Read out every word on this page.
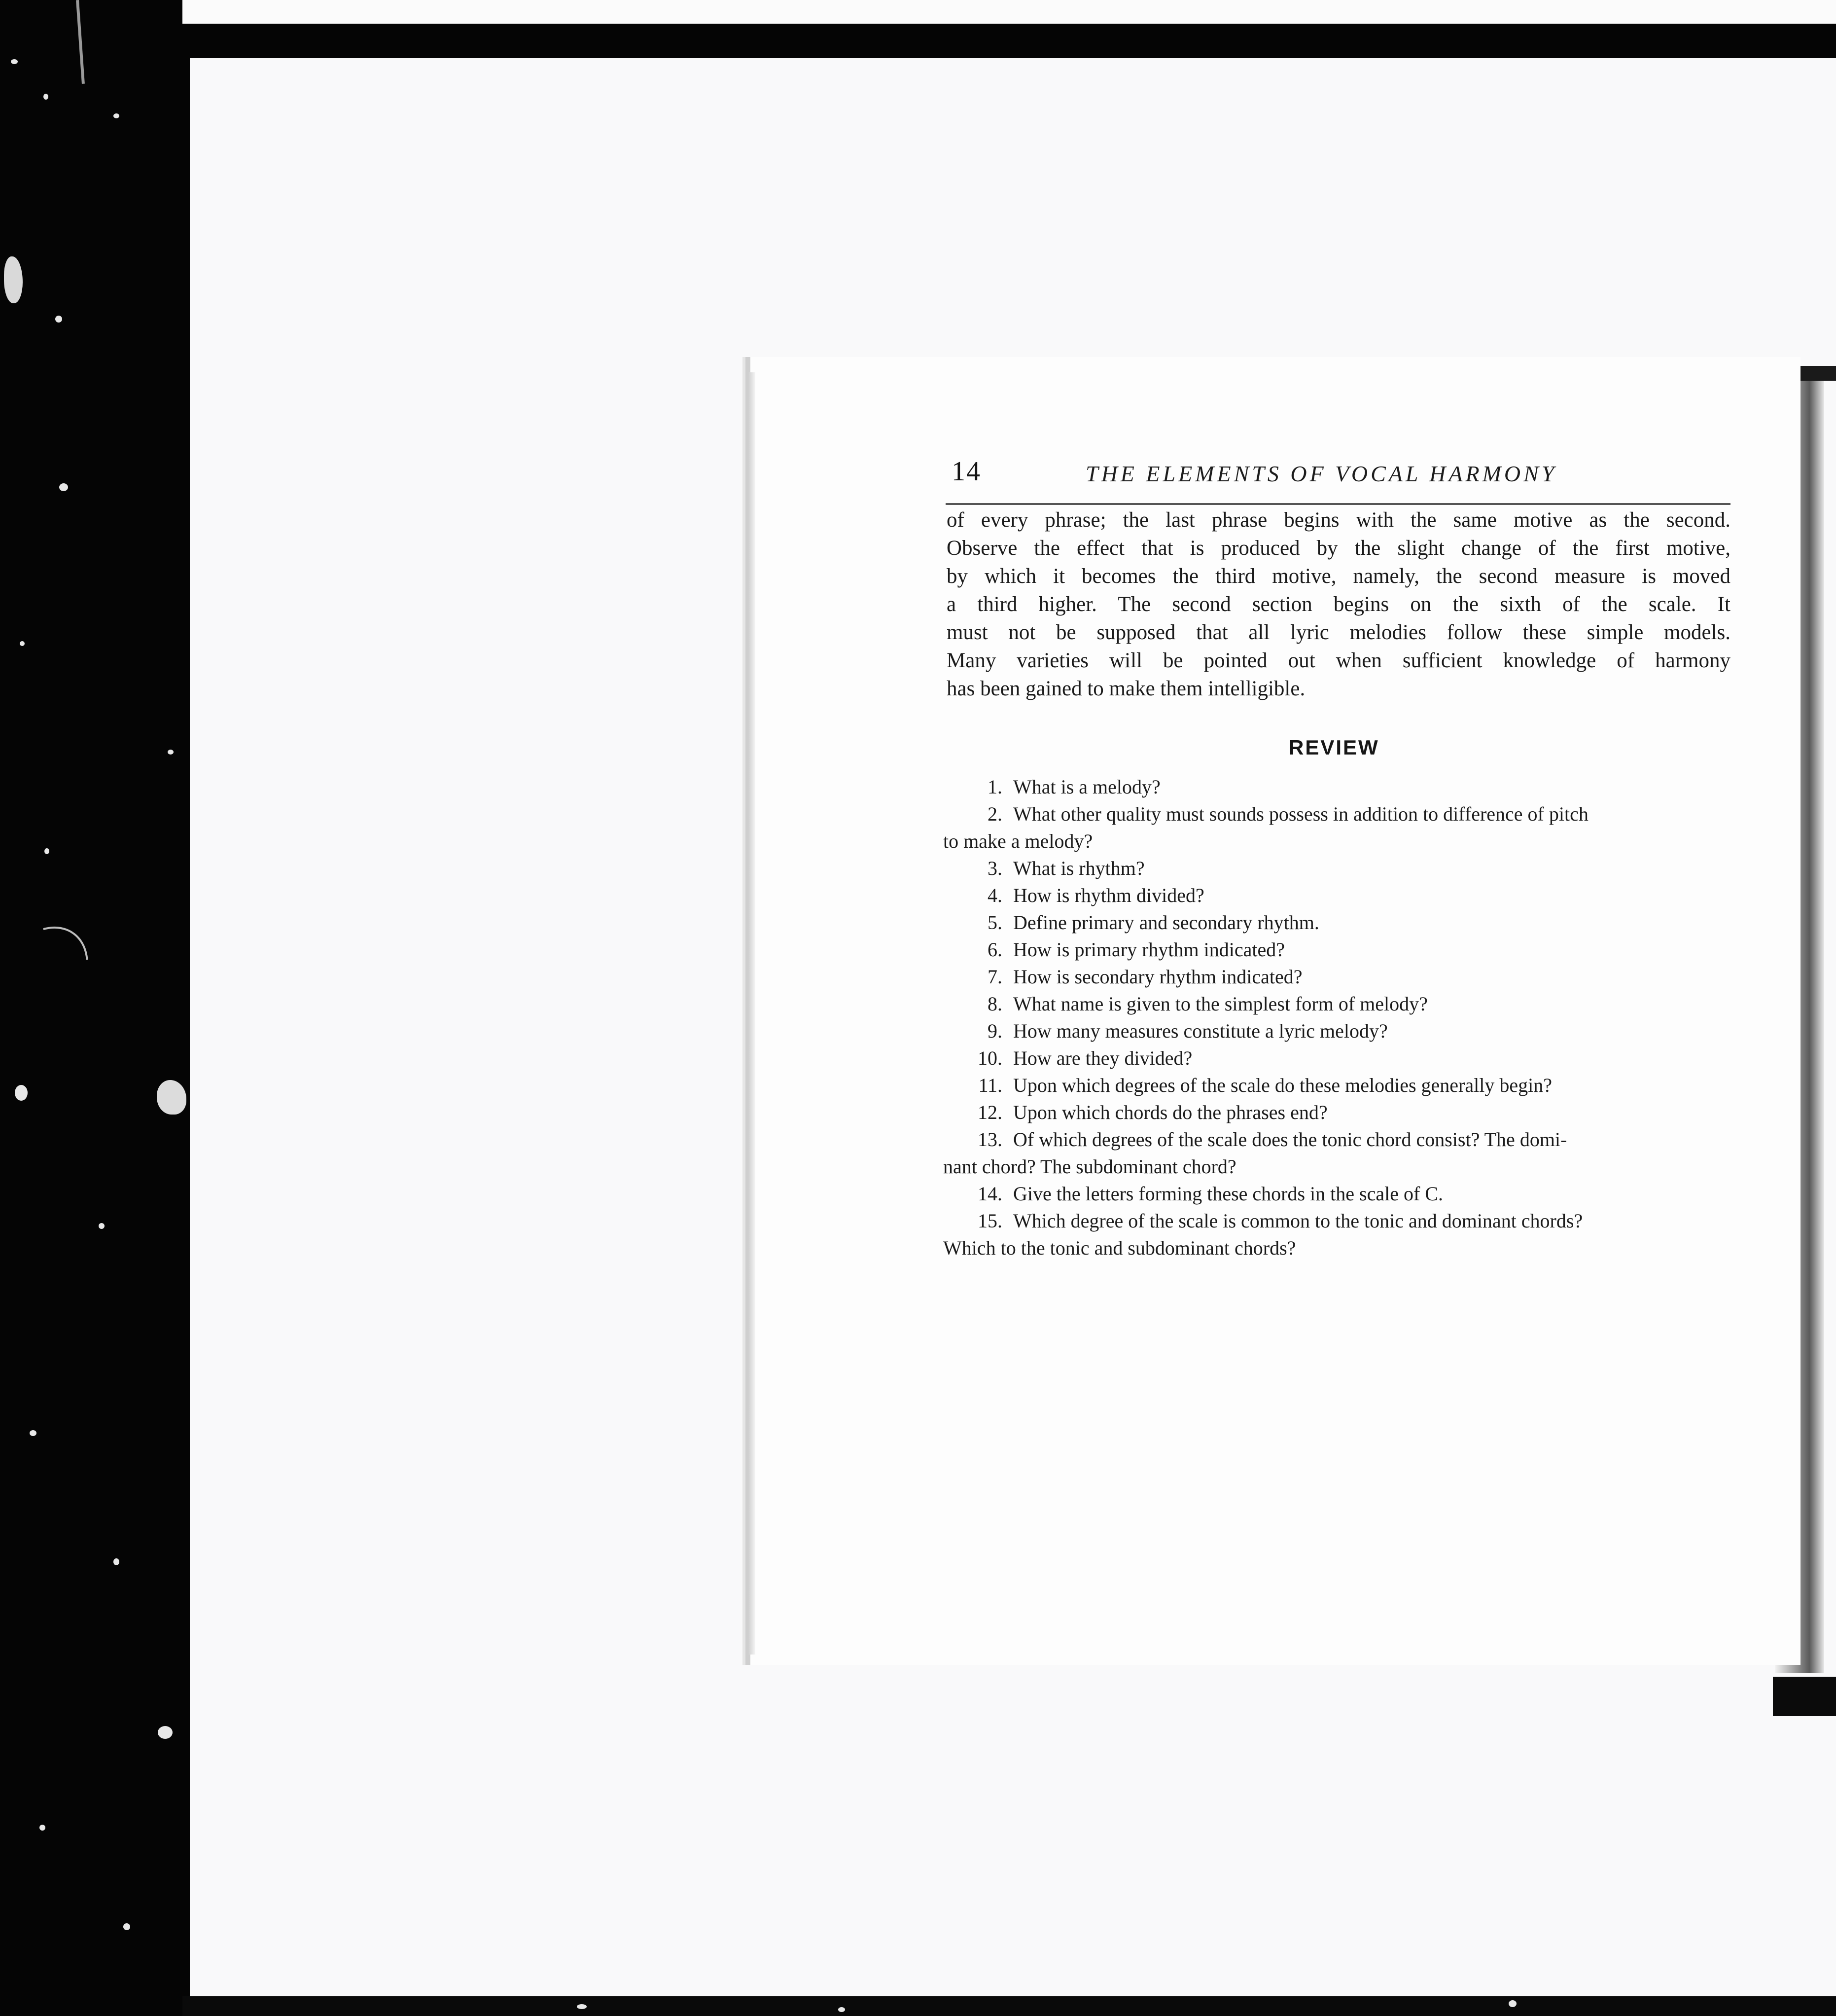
14	THE ELEMENTS OF VOCAL HARMONY
of every phrase; the last phrase begins with the same motive as the second.
Observe the effect that is produced by the slight change of the first motive,
by which it becomes the third motive, namely, the second measure is moved
a third higher. The second section begins on the sixth of the scale. It
must not be supposed that all lyric melodies follow these simple models.
Many varieties will be pointed out when sufficient knowledge of harmony
has been gained to make them intelligible.
REVIEW
1. What is a melody?
2. What other quality must sounds possess in addition to difference of pitch
to make a melody?
3. What is rhythm?
4. How is rhythm divided?
5. Define primary and secondary rhythm.
6. How is primary rhythm indicated?
7. How is secondary rhythm indicated?
8. What name is given to the simplest form of melody?
9. How many measures constitute a lyric melody?
10. How are they divided?
11. Upon which degrees of the scale do these melodies generally begin?
12. Upon which chords do the phrases end?
13. Of which degrees of the scale does the tonic chord consist? The domi-
nant chord? The subdominant chord?
14. Give the letters forming these chords in the scale of C.
15. Which degree of the scale is common to the tonic and dominant chords?
Which to the tonic and subdominant chords?
